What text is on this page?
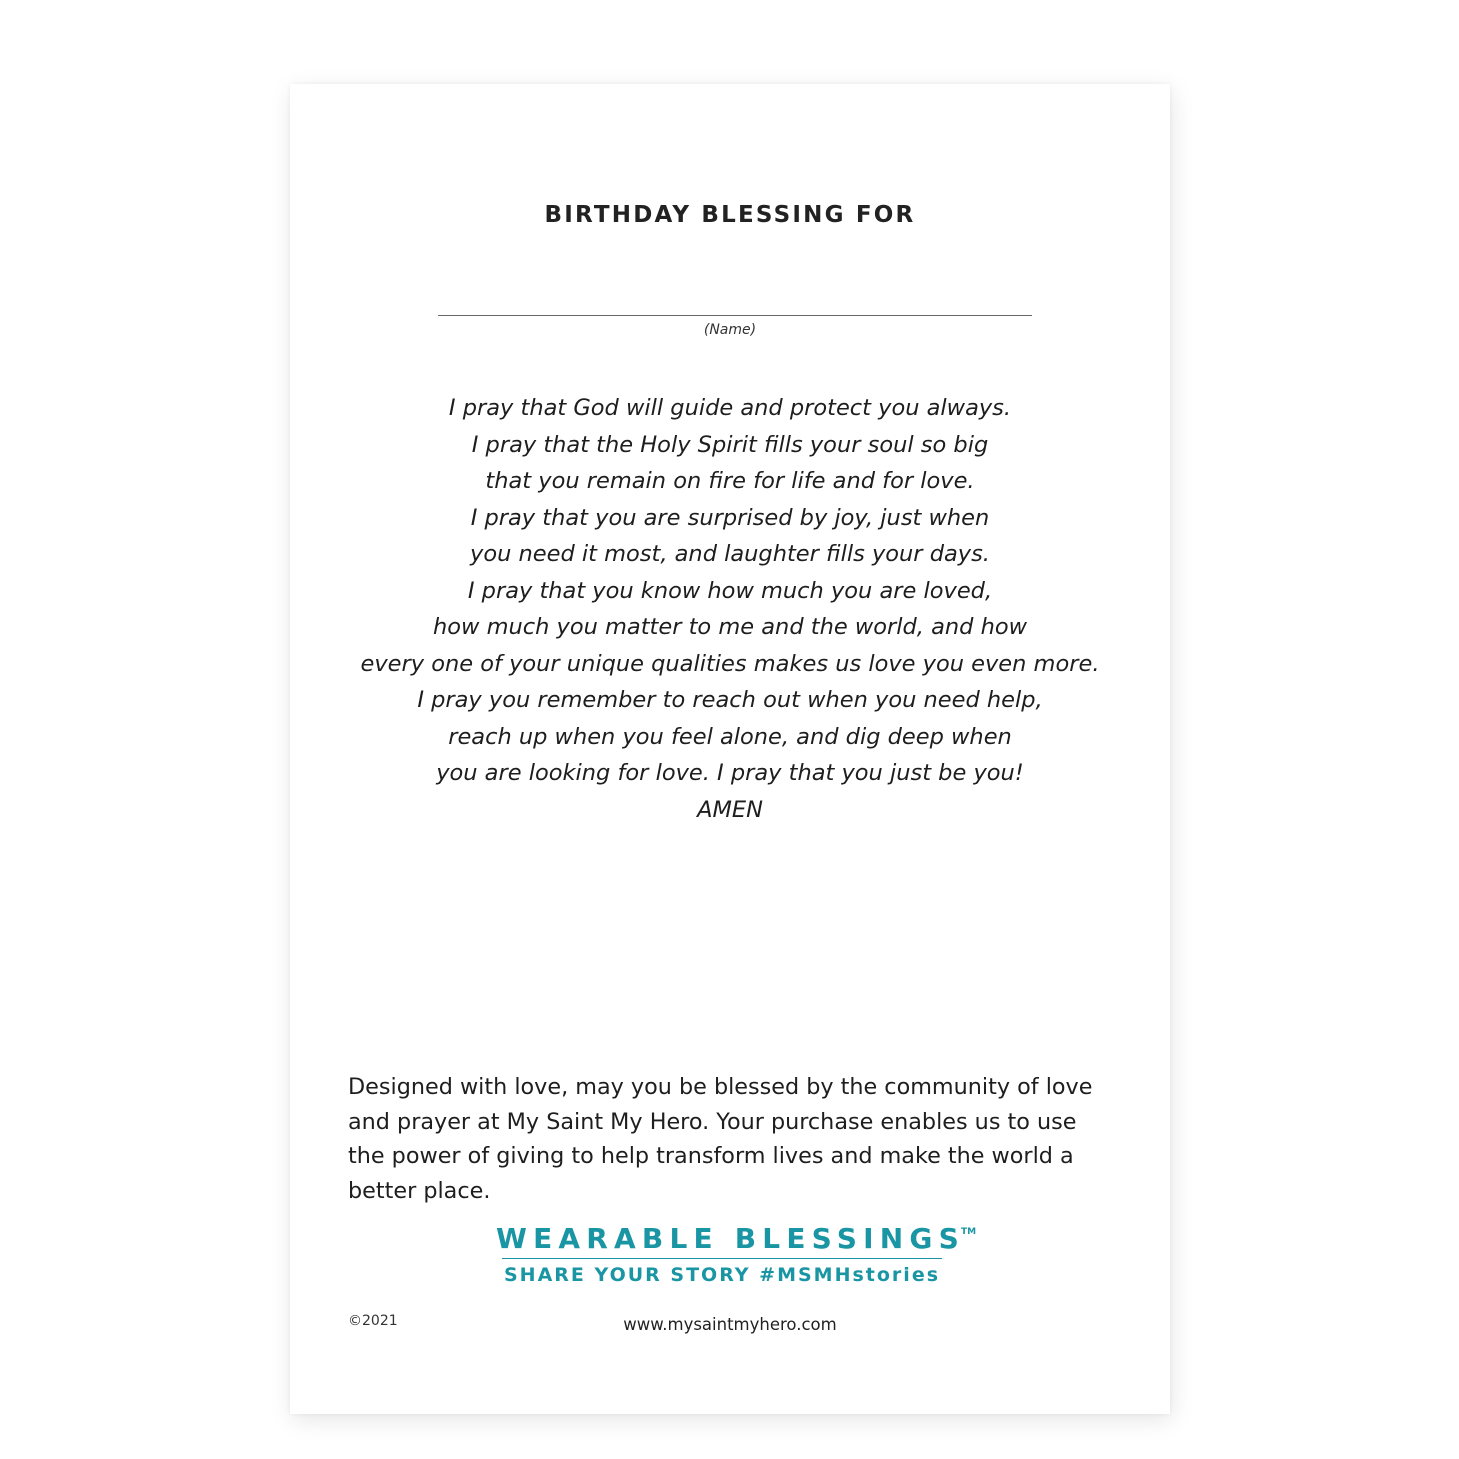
BIRTHDAY BLESSING FOR
(Name)
I pray that God will guide and protect you always.
I pray that the Holy Spirit fills your soul so big
that you remain on fire for life and for love.
I pray that you are surprised by joy, just when
you need it most, and laughter fills your days.
I pray that you know how much you are loved,
how much you matter to me and the world, and how
every one of your unique qualities makes us love you even more.
I pray you remember to reach out when you need help,
reach up when you feel alone, and dig deep when
you are looking for love. I pray that you just be you!
AMEN
Designed with love, may you be blessed by the community of love
and prayer at My Saint My Hero. Your purchase enables us to use
the power of giving to help transform lives and make the world a
better place.
WEARABLE BLESSINGS™
SHARE YOUR STORY #MSMHstories
©2021	www.mysaintmyhero.com
